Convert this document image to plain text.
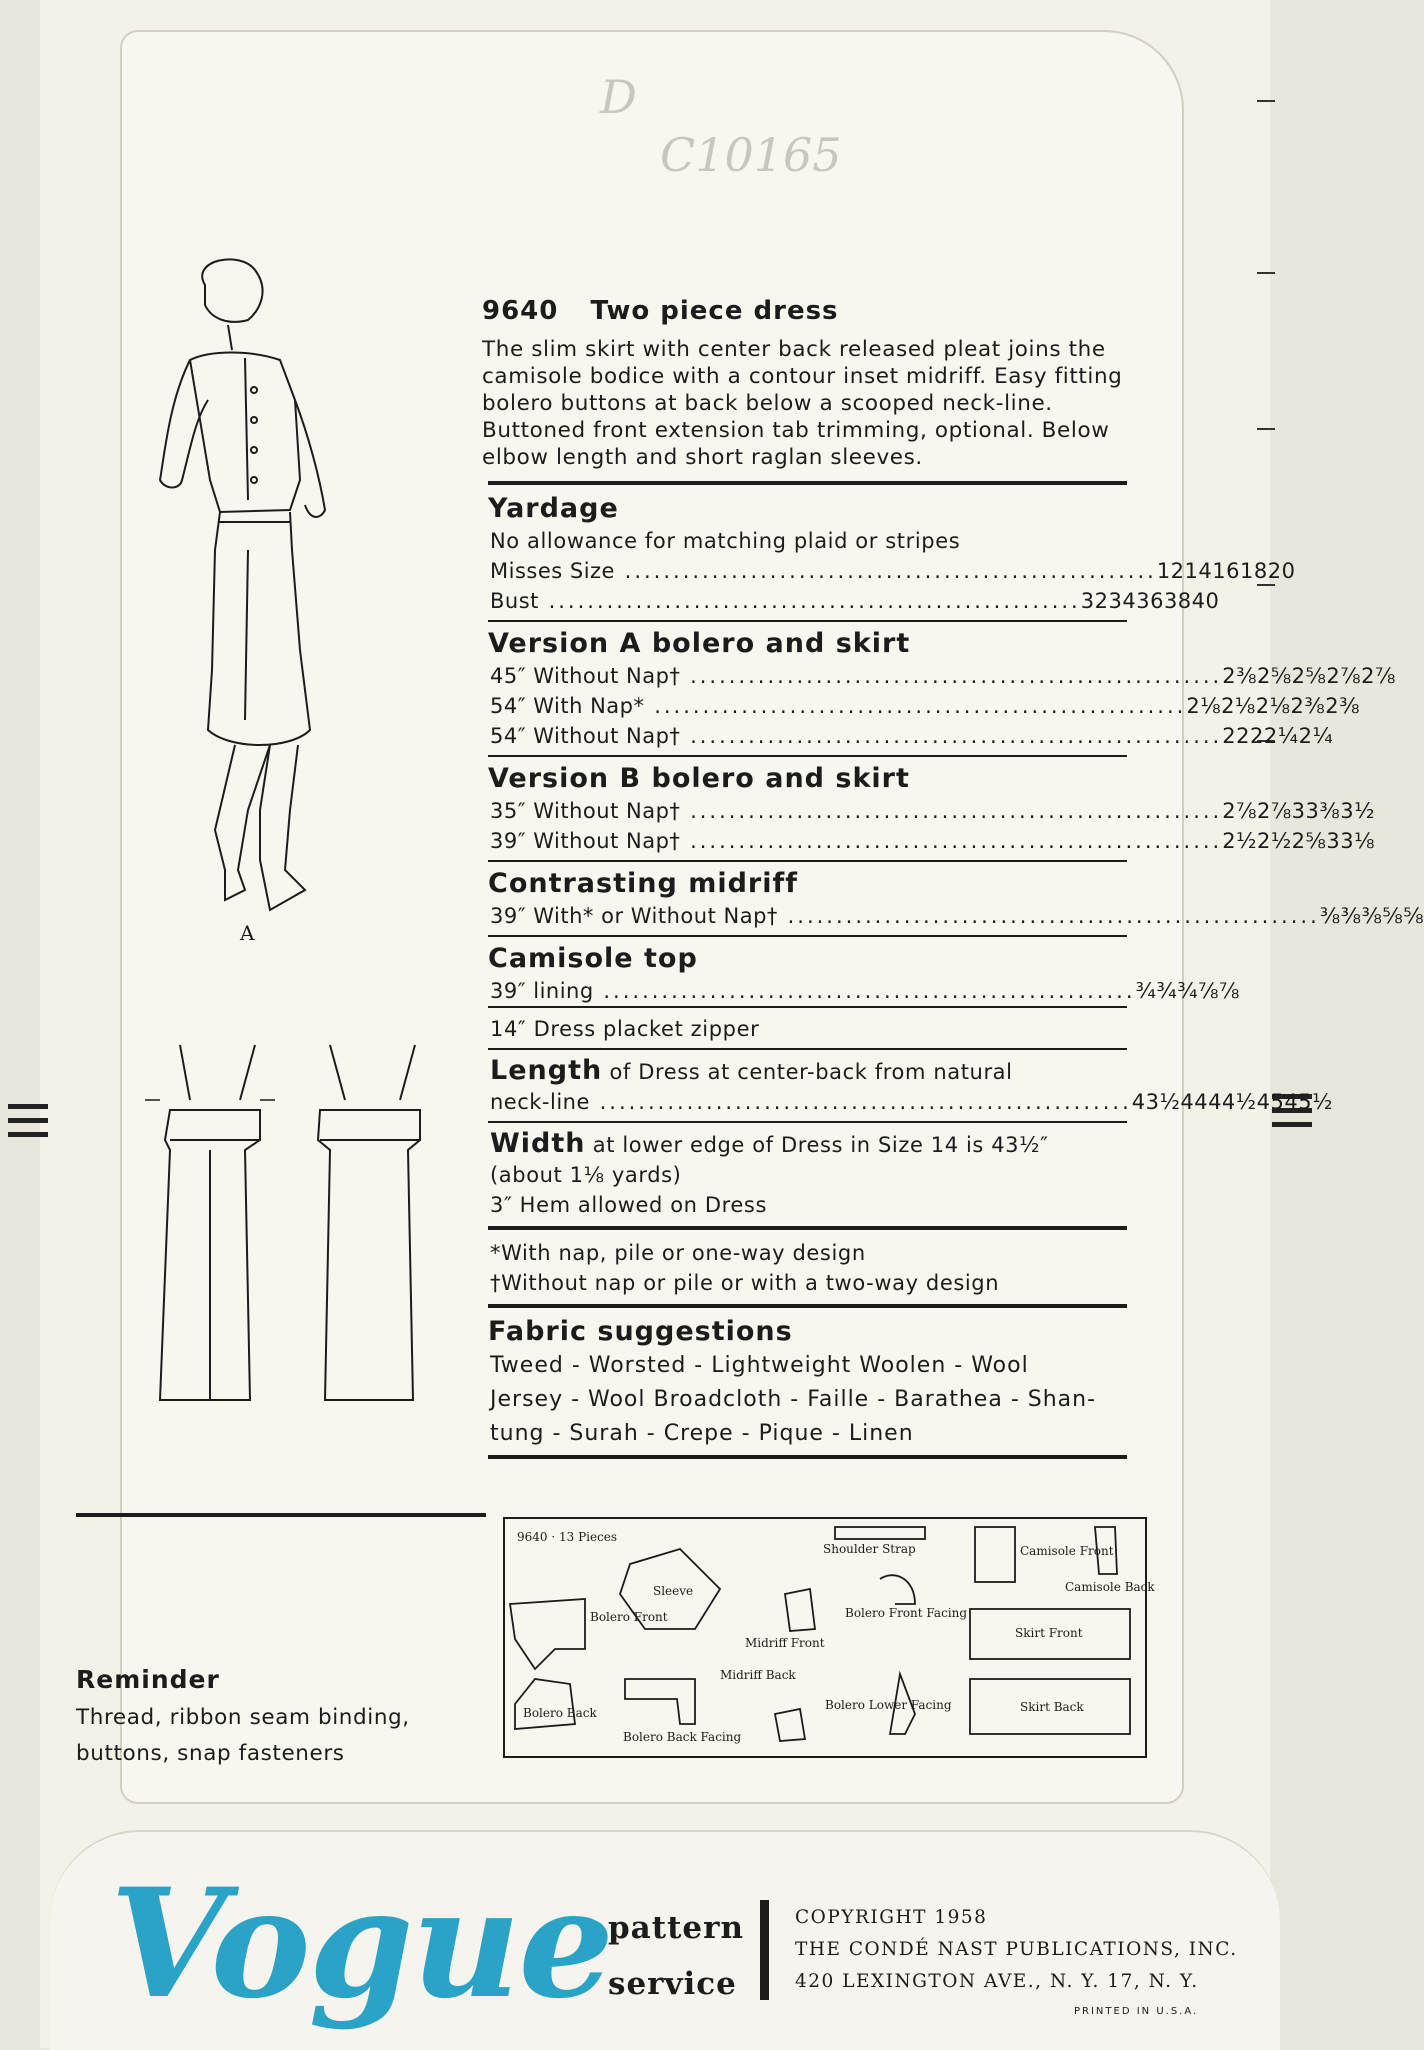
D
C10165
A
9640 Two piece dress
The slim skirt with center back released pleat joins the camisole bodice with a contour inset midriff. Easy fitting bolero buttons at back below a scooped neck-line. Buttoned front extension tab trimming, optional. Below elbow length and short raglan sleeves.
Yardage
No allowance for matching plaid or stripes
Misses Size .....	12 14 16 18 20
Bust .....	32 34 36 38 40
Version A bolero and skirt
45″ Without Nap† .....	2⅜ 2⅝ 2⅝ 2⅞ 2⅞
54″ With Nap* .....	2⅛ 2⅛ 2⅛ 2⅜ 2⅜
54″ Without Nap† .....	2 2 2 2¼ 2¼
Version B bolero and skirt
35″ Without Nap† .....	2⅞ 2⅞ 3 3⅜ 3½
39″ Without Nap† .....	2½ 2½ 2⅝ 3 3⅛
Contrasting midriff
39″ With* or Without Nap† .....	⅜ ⅜ ⅜ ⅝ ⅝
Camisole top
39″ lining .....	¾ ¾ ¾ ⅞ ⅞
14″ Dress placket zipper
Length of Dress at center-back from natural
neck-line .....	43½ 44 44½ 45 45½
Width at lower edge of Dress in Size 14 is 43½″
(about 1⅛ yards)
3″ Hem allowed on Dress
*With nap, pile or one-way design
†Without nap or pile or with a two-way design
Fabric suggestions
Tweed - Worsted - Lightweight Woolen - Wool
Jersey - Wool Broadcloth - Faille - Barathea - Shan-
tung - Surah - Crepe - Pique - Linen
9640 · 13 Pieces
Shoulder Strap	Camisole Front
Camisole Back
Sleeve
Bolero Front	Bolero Front Facing
Midriff Front
Skirt Front
Skirt Back
Bolero Back
Bolero Back Facing
Midriff Back
Bolero Lower Facing
Reminder
Thread, ribbon seam binding,
buttons, snap fasteners
Vogue
pattern
service
COPYRIGHT 1958
THE CONDÉ NAST PUBLICATIONS, INC.
420 LEXINGTON AVE., N. Y. 17, N. Y.
PRINTED IN U.S.A.
